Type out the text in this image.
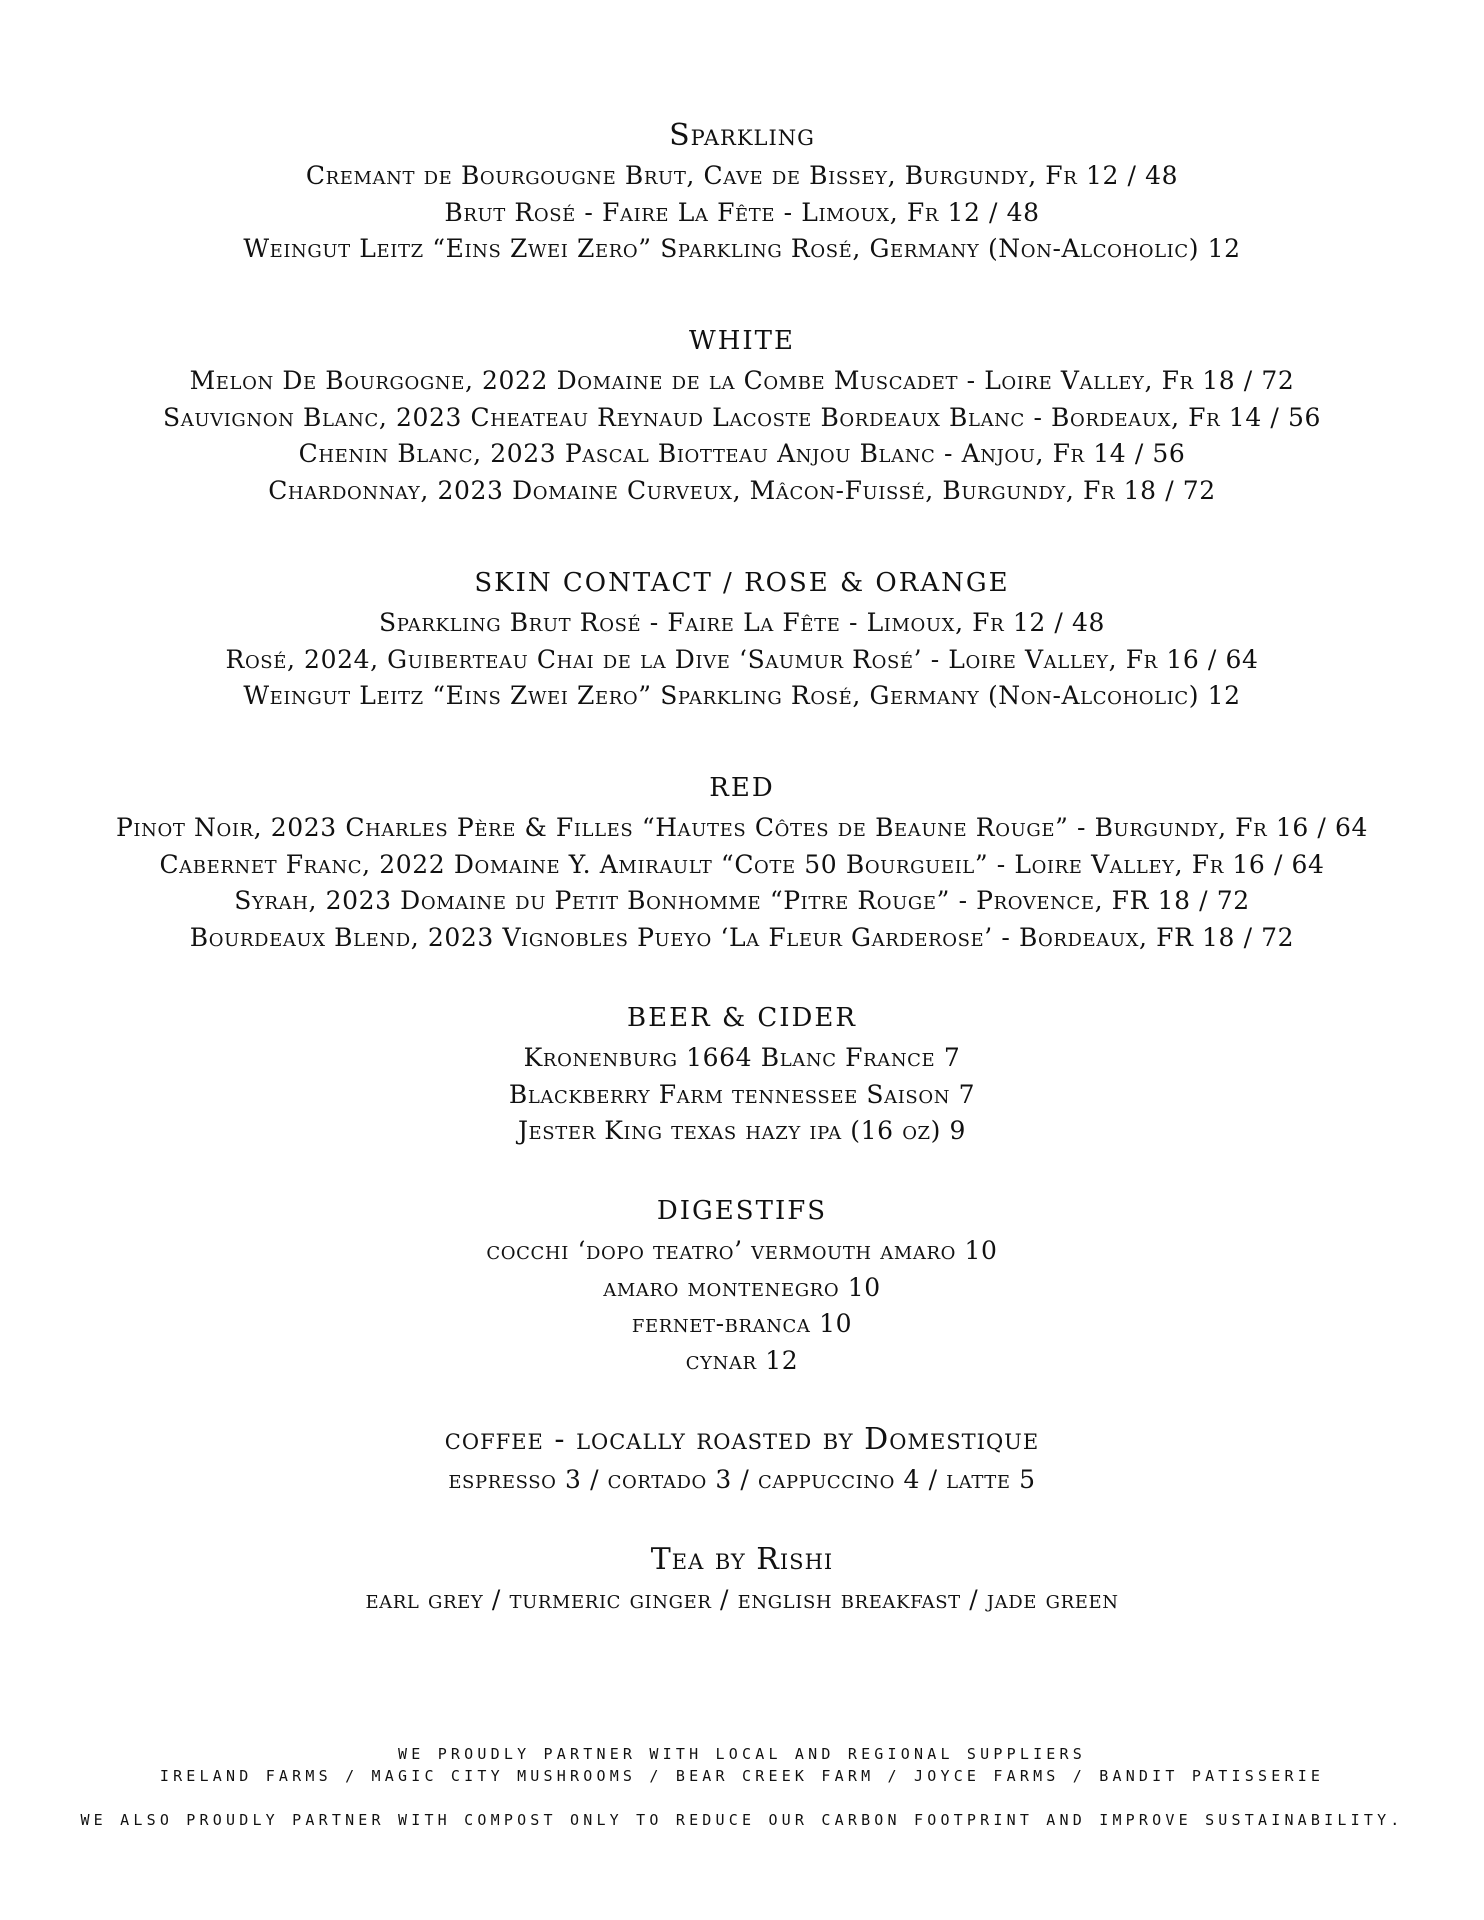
Sparkling
Cremant de Bourgougne Brut, Cave de Bissey, Burgundy, Fr 12 / 48
Brut Rosé - Faire La Fête - Limoux, Fr 12 / 48
Weingut Leitz “Eins Zwei Zero” Sparkling Rosé, Germany (Non-Alcoholic) 12
WHITE
Melon De Bourgogne, 2022 Domaine de la Combe Muscadet - Loire Valley, Fr 18 / 72
Sauvignon Blanc, 2023 Cheateau Reynaud Lacoste Bordeaux Blanc - Bordeaux, Fr 14 / 56
Chenin Blanc, 2023 Pascal Biotteau Anjou Blanc - Anjou, Fr 14 / 56
Chardonnay, 2023 Domaine Curveux, Mâcon-Fuissé, Burgundy, Fr 18 / 72
SKIN CONTACT / ROSE & ORANGE
Sparkling Brut Rosé - Faire La Fête - Limoux, Fr 12 / 48
Rosé, 2024, Guiberteau Chai de la Dive ‘Saumur Rosé’ - Loire Valley, Fr 16 / 64
Weingut Leitz “Eins Zwei Zero” Sparkling Rosé, Germany (Non-Alcoholic) 12
RED
Pinot Noir, 2023 Charles Père & Filles “Hautes Côtes de Beaune Rouge” - Burgundy, Fr 16 / 64
Cabernet Franc, 2022 Domaine Y. Amirault “Cote 50 Bourgueil” - Loire Valley, Fr 16 / 64
Syrah, 2023 Domaine du Petit Bonhomme “Pitre Rouge” - Provence, FR 18 / 72
Bourdeaux Blend, 2023 Vignobles Pueyo ‘La Fleur Garderose’ - Bordeaux, FR 18 / 72
BEER & CIDER
Kronenburg 1664 Blanc France 7
Blackberry Farm tennessee Saison 7
Jester King texas hazy ipa (16 oz) 9
DIGESTIFS
cocchi ‘dopo teatro’ vermouth amaro 10
amaro montenegro 10
fernet-branca 10
cynar 12
coffee - locally roasted by Domestique
espresso 3 / cortado 3 / cappuccino 4 / latte 5
Tea by Rishi
earl grey / turmeric ginger / english breakfast / jade green
WE PROUDLY PARTNER WITH LOCAL AND REGIONAL SUPPLIERS
IRELAND FARMS / MAGIC CITY MUSHROOMS / BEAR CREEK FARM / JOYCE FARMS / BANDIT PATISSERIE
WE ALSO PROUDLY PARTNER WITH COMPOST ONLY TO REDUCE OUR CARBON FOOTPRINT AND IMPROVE SUSTAINABILITY.
